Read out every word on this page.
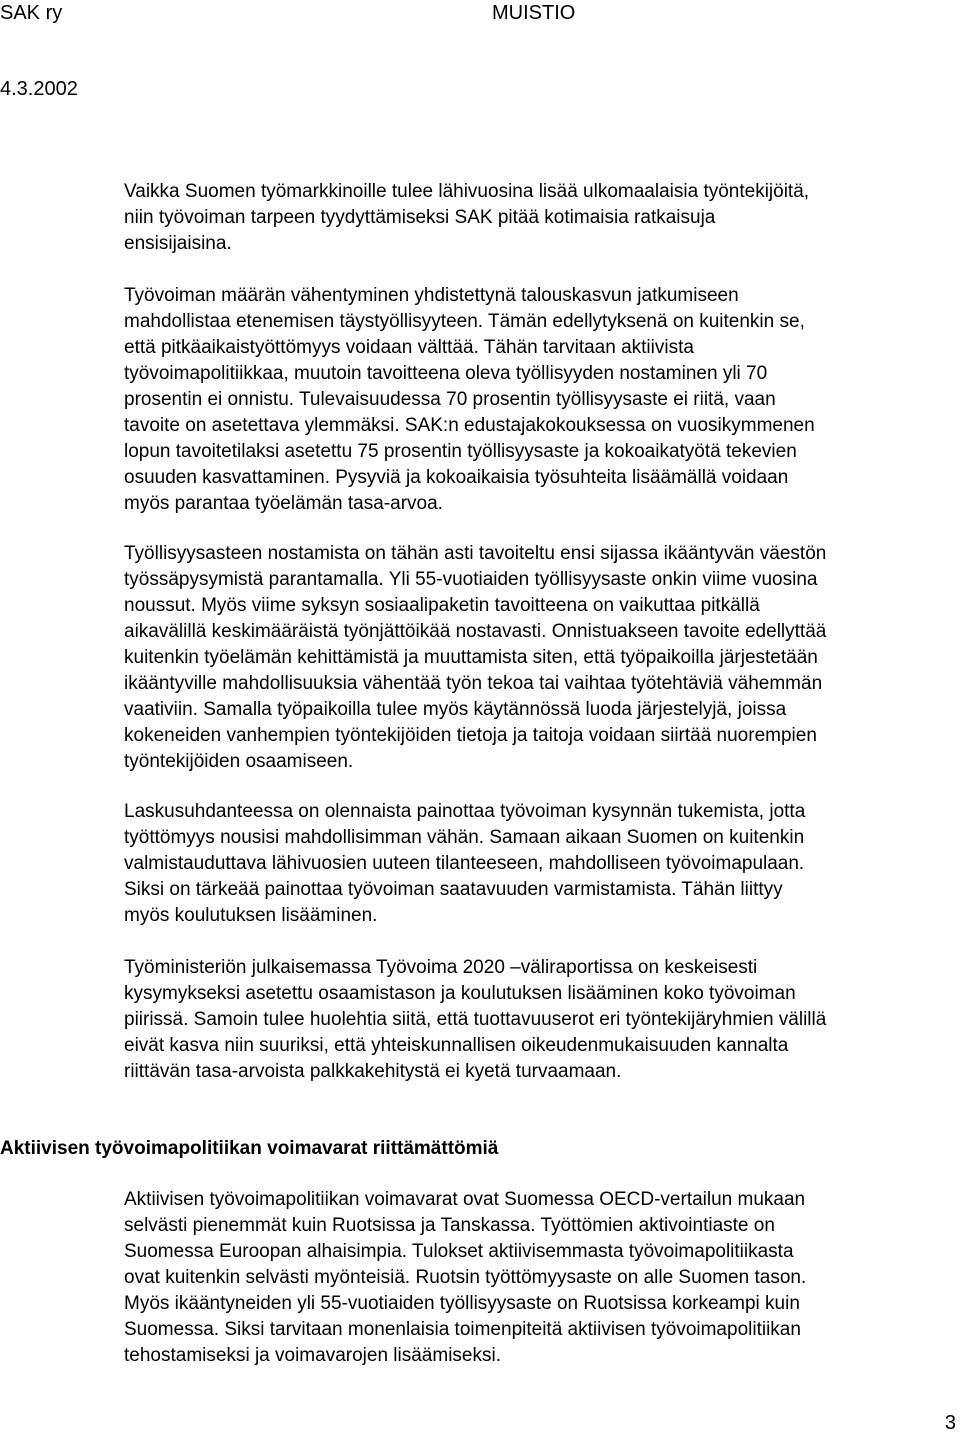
SAK ry	MUISTIO
4.3.2002

Vaikka Suomen työmarkkinoille tulee lähivuosina lisää ulkomaalaisia työntekijöitä,
niin työvoiman tarpeen tyydyttämiseksi SAK pitää kotimaisia ratkaisuja
ensisijaisina.

Työvoiman määrän vähentyminen yhdistettynä talouskasvun jatkumiseen
mahdollistaa etenemisen täystyöllisyyteen. Tämän edellytyksenä on kuitenkin se,
että pitkäaikaistyöttömyys voidaan välttää. Tähän tarvitaan aktiivista
työvoimapolitiikkaa, muutoin tavoitteena oleva työllisyyden nostaminen yli 70
prosentin ei onnistu. Tulevaisuudessa 70 prosentin työllisyysaste ei riitä, vaan
tavoite on asetettava ylemmäksi. SAK:n edustajakokouksessa on vuosikymmenen
lopun tavoitetilaksi asetettu 75 prosentin työllisyysaste ja kokoaikatyötä tekevien
osuuden kasvattaminen. Pysyviä ja kokoaikaisia työsuhteita lisäämällä voidaan
myös parantaa työelämän tasa-arvoa.

Työllisyysasteen nostamista on tähän asti tavoiteltu ensi sijassa ikääntyvän väestön
työssäpysymistä parantamalla. Yli 55-vuotiaiden työllisyysaste onkin viime vuosina
noussut. Myös viime syksyn sosiaalipaketin tavoitteena on vaikuttaa pitkällä
aikavälillä keskimääräistä työnjättöikää nostavasti. Onnistuakseen tavoite edellyttää
kuitenkin työelämän kehittämistä ja muuttamista siten, että työpaikoilla järjestetään
ikääntyville mahdollisuuksia vähentää työn tekoa tai vaihtaa työtehtäviä vähemmän
vaativiin. Samalla työpaikoilla tulee myös käytännössä luoda järjestelyjä, joissa
kokeneiden vanhempien työntekijöiden tietoja ja taitoja voidaan siirtää nuorempien
työntekijöiden osaamiseen.

Laskusuhdanteessa on olennaista painottaa työvoiman kysynnän tukemista, jotta
työttömyys nousisi mahdollisimman vähän. Samaan aikaan Suomen on kuitenkin
valmistauduttava lähivuosien uuteen tilanteeseen, mahdolliseen työvoimapulaan.
Siksi on tärkeää painottaa työvoiman saatavuuden varmistamista. Tähän liittyy
myös koulutuksen lisääminen.

Työministeriön julkaisemassa Työvoima 2020 –väliraportissa on keskeisesti
kysymykseksi asetettu osaamistason ja koulutuksen lisääminen koko työvoiman
piirissä. Samoin tulee huolehtia siitä, että tuottavuuserot eri työntekijäryhmien välillä
eivät kasva niin suuriksi, että yhteiskunnallisen oikeudenmukaisuuden kannalta
riittävän tasa-arvoista palkkakehitystä ei kyetä turvaamaan.

Aktiivisen työvoimapolitiikan voimavarat riittämättömiä

Aktiivisen työvoimapolitiikan voimavarat ovat Suomessa OECD-vertailun mukaan
selvästi pienemmät kuin Ruotsissa ja Tanskassa. Työttömien aktivointiaste on
Suomessa Euroopan alhaisimpia. Tulokset aktiivisemmasta työvoimapolitiikasta
ovat kuitenkin selvästi myönteisiä. Ruotsin työttömyysaste on alle Suomen tason.
Myös ikääntyneiden yli 55-vuotiaiden työllisyysaste on Ruotsissa korkeampi kuin
Suomessa. Siksi tarvitaan monenlaisia toimenpiteitä aktiivisen työvoimapolitiikan
tehostamiseksi ja voimavarojen lisäämiseksi.

3
